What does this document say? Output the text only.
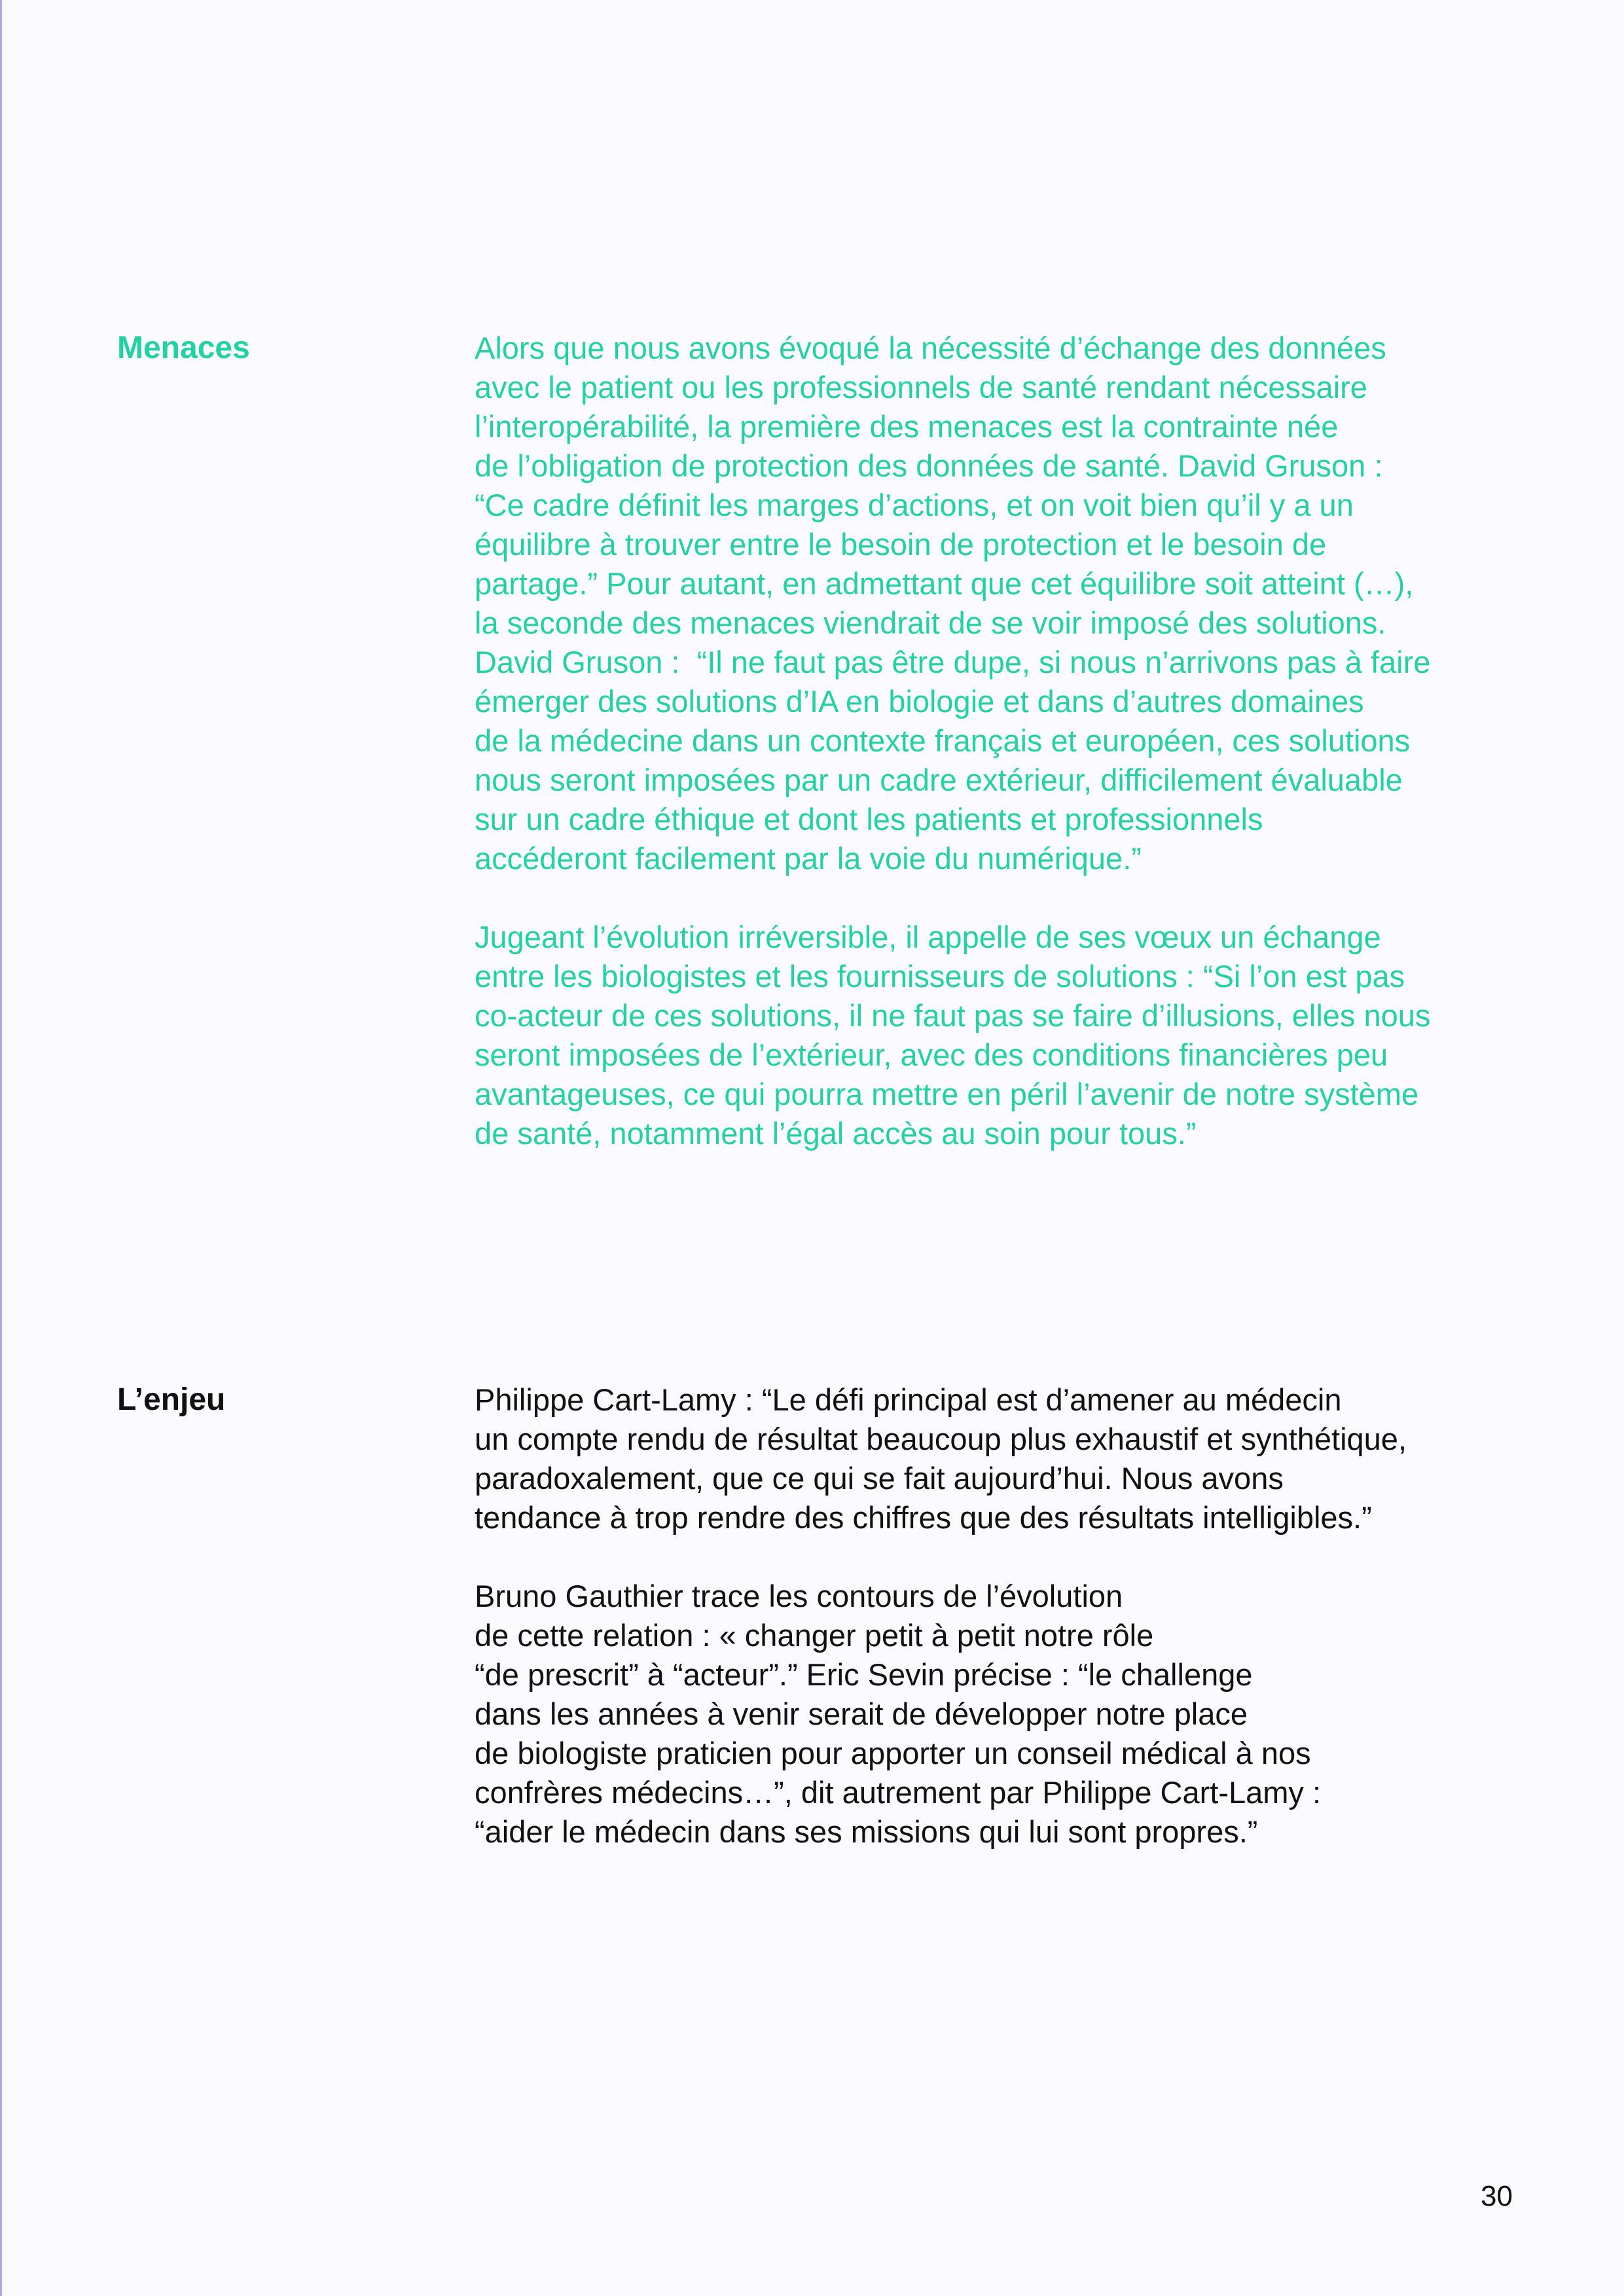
Menaces	Alors que nous avons évoqué la nécessité d’échange des données
avec le patient ou les professionnels de santé rendant nécessaire
l’interopérabilité, la première des menaces est la contrainte née
de l’obligation de protection des données de santé. David Gruson :
“Ce cadre définit les marges d’actions, et on voit bien qu’il y a un
équilibre à trouver entre le besoin de protection et le besoin de
partage.” Pour autant, en admettant que cet équilibre soit atteint (…),
la seconde des menaces viendrait de se voir imposé des solutions.
David Gruson :  “Il ne faut pas être dupe, si nous n’arrivons pas à faire
émerger des solutions d’IA en biologie et dans d’autres domaines
de la médecine dans un contexte français et européen, ces solutions
nous seront imposées par un cadre extérieur, difficilement évaluable
sur un cadre éthique et dont les patients et professionnels
accéderont facilement par la voie du numérique.”

Jugeant l’évolution irréversible, il appelle de ses vœux un échange
entre les biologistes et les fournisseurs de solutions : “Si l’on est pas
co-acteur de ces solutions, il ne faut pas se faire d’illusions, elles nous
seront imposées de l’extérieur, avec des conditions financières peu
avantageuses, ce qui pourra mettre en péril l’avenir de notre système
de santé, notamment l’égal accès au soin pour tous.”

L’enjeu	Philippe Cart-Lamy : “Le défi principal est d’amener au médecin
un compte rendu de résultat beaucoup plus exhaustif et synthétique,
paradoxalement, que ce qui se fait aujourd’hui. Nous avons
tendance à trop rendre des chiffres que des résultats intelligibles.”

Bruno Gauthier trace les contours de l’évolution
de cette relation : « changer petit à petit notre rôle
“de prescrit” à “acteur”.” Eric Sevin précise : “le challenge
dans les années à venir serait de développer notre place
de biologiste praticien pour apporter un conseil médical à nos
confrères médecins…”, dit autrement par Philippe Cart-Lamy :
“aider le médecin dans ses missions qui lui sont propres.”

30
